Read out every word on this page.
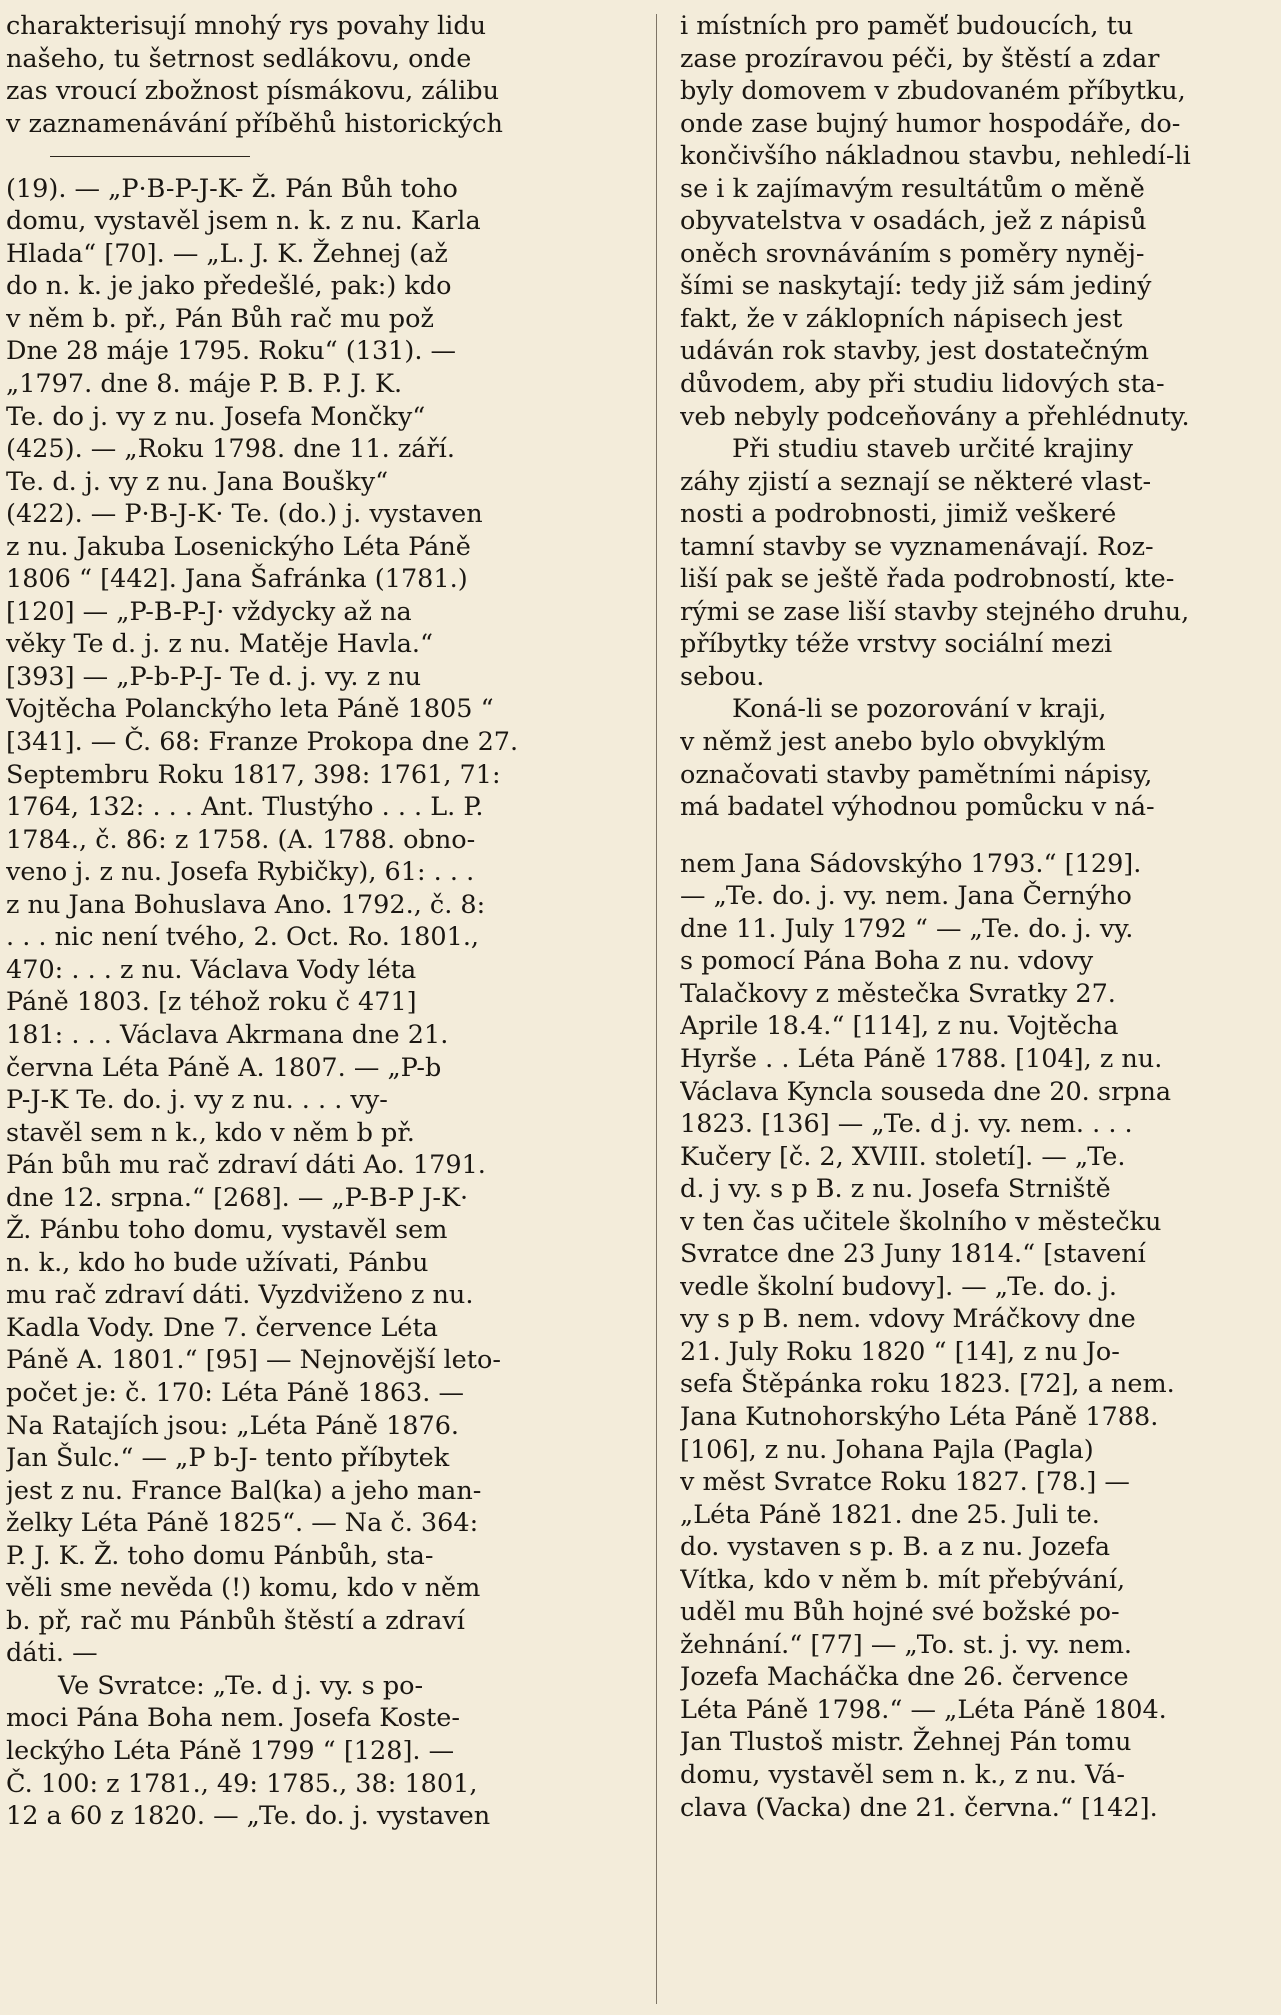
charakterisují mnohý rys povahy lidu
našeho, tu šetrnost sedlákovu, onde
zas vroucí zbožnost písmákovu, zálibu
v zaznamenávání příběhů historických
(19). — „P·B-P-J-K- Ž. Pán Bůh toho
domu, vystavěl jsem n. k. z nu. Karla
Hlada“ [70]. — „L. J. K. Žehnej (až
do n. k. je jako předešlé, pak:) kdo
v něm b. př., Pán Bůh rač mu pož
Dne 28 máje 1795. Roku“ (131). —
„1797. dne 8. máje P. B. P. J. K.
Te. do j. vy z nu. Josefa Mončky“
(425). — „Roku 1798. dne 11. září.
Te. d. j. vy z nu. Jana Boušky“
(422). — P·B-J-K· Te. (do.) j. vystaven
z nu. Jakuba Losenickýho Léta Páně
1806 “ [442]. Jana Šafránka (1781.)
[120] — „P-B-P-J· vždycky až na
věky Te d. j. z nu. Matěje Havla.“
[393] — „P-b-P-J- Te d. j. vy. z nu
Vojtěcha Polanckýho leta Páně 1805 “
[341]. — Č. 68: Franze Prokopa dne 27.
Septembru Roku 1817, 398: 1761, 71:
1764, 132: . . . Ant. Tlustýho . . . L. P.
1784., č. 86: z 1758. (A. 1788. obno-
veno j. z nu. Josefa Rybičky), 61: . . .
z nu Jana Bohuslava Ano. 1792., č. 8:
. . . nic není tvého, 2. Oct. Ro. 1801.,
470: . . . z nu. Václava Vody léta
Páně 1803. [z téhož roku č 471]
181: . . . Václava Akrmana dne 21.
června Léta Páně A. 1807. — „P-b
P-J-K Te. do. j. vy z nu. . . . vy-
stavěl sem n k., kdo v něm b př.
Pán bůh mu rač zdraví dáti Ao. 1791.
dne 12. srpna.“ [268]. — „P-B-P J-K·
Ž. Pánbu toho domu, vystavěl sem
n. k., kdo ho bude užívati, Pánbu
mu rač zdraví dáti. Vyzdviženo z nu.
Kadla Vody. Dne 7. července Léta
Páně A. 1801.“ [95] — Nejnovější leto-
počet je: č. 170: Léta Páně 1863. —
Na Ratajích jsou: „Léta Páně 1876.
Jan Šulc.“ — „P b-J- tento příbytek
jest z nu. France Bal(ka) a jeho man-
želky Léta Páně 1825“. — Na č. 364:
P. J. K. Ž. toho domu Pánbůh, sta-
věli sme nevěda (!) komu, kdo v něm
b. př, rač mu Pánbůh štěstí a zdraví
dáti. —
Ve Svratce: „Te. d j. vy. s po-
moci Pána Boha nem. Josefa Koste-
leckýho Léta Páně 1799 “ [128]. —
Č. 100: z 1781., 49: 1785., 38: 1801,
12 a 60 z 1820. — „Te. do. j. vystaven
i místních pro paměť budoucích, tu
zase prozíravou péči, by štěstí a zdar
byly domovem v zbudovaném příbytku,
onde zase bujný humor hospodáře, do-
končivšího nákladnou stavbu, nehledí-li
se i k zajímavým resultátům o měně
obyvatelstva v osadách, jež z nápisů
oněch srovnáváním s poměry nyněj-
šími se naskytají: tedy již sám jediný
fakt, že v záklopních nápisech jest
udáván rok stavby, jest dostatečným
důvodem, aby při studiu lidových sta-
veb nebyly podceňovány a přehlédnuty.
Při studiu staveb určité krajiny
záhy zjistí a seznají se některé vlast-
nosti a podrobnosti, jimiž veškeré
tamní stavby se vyznamenávají. Roz-
liší pak se ještě řada podrobností, kte-
rými se zase liší stavby stejného druhu,
příbytky téže vrstvy sociální mezi
sebou.
Koná-li se pozorování v kraji,
v němž jest anebo bylo obvyklým
označovati stavby pamětními nápisy,
má badatel výhodnou pomůcku v ná-
nem Jana Sádovskýho 1793.“ [129].
— „Te. do. j. vy. nem. Jana Černýho
dne 11. July 1792 “ — „Te. do. j. vy.
s pomocí Pána Boha z nu. vdovy
Talačkovy z městečka Svratky 27.
Aprile 18.4.“ [114], z nu. Vojtěcha
Hyrše . . Léta Páně 1788. [104], z nu.
Václava Kyncla souseda dne 20. srpna
1823. [136] — „Te. d j. vy. nem. . . .
Kučery [č. 2, XVIII. století]. — „Te.
d. j vy. s p B. z nu. Josefa Strniště
v ten čas učitele školního v městečku
Svratce dne 23 Juny 1814.“ [stavení
vedle školní budovy]. — „Te. do. j.
vy s p B. nem. vdovy Mráčkovy dne
21. July Roku 1820 “ [14], z nu Jo-
sefa Štěpánka roku 1823. [72], a nem.
Jana Kutnohorskýho Léta Páně 1788.
[106], z nu. Johana Pajla (Pagla)
v měst Svratce Roku 1827. [78.] —
„Léta Páně 1821. dne 25. Juli te.
do. vystaven s p. B. a z nu. Jozefa
Vítka, kdo v něm b. mít přebývání,
uděl mu Bůh hojné své božské po-
žehnání.“ [77] — „To. st. j. vy. nem.
Jozefa Macháčka dne 26. července
Léta Páně 1798.“ — „Léta Páně 1804.
Jan Tlustoš mistr. Žehnej Pán tomu
domu, vystavěl sem n. k., z nu. Vá-
clava (Vacka) dne 21. června.“ [142].
